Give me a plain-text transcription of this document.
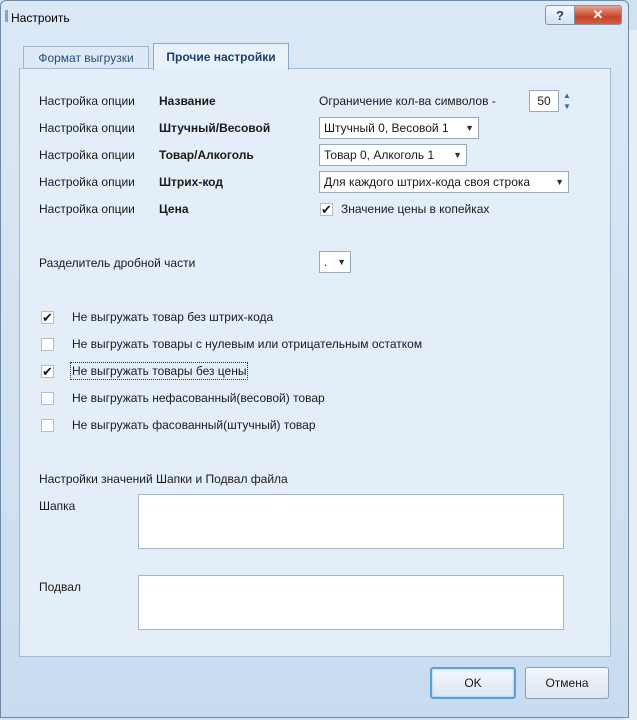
Настроить	?	✕
Формат выгрузки	Прочие настройки
Настройка опции Название	Ограничение кол-ва символов -	50	▲
▼
Настройка опции Штучный/Весовой	Штучный 0, Весовой 1 ▼
Настройка опции Товар/Алкоголь	Товар 0, Алкоголь 1 ▼
Настройка опции Штрих-код	Для каждого штрих-кода своя строка	▼
Настройка опции Цена	✔ Значение цены в копейках
Разделитель дробной части	. ▼
✔ Не выгружать товар без штрих-кода
Не выгружать товары с нулевым или отрицательным остатком
✔ Не выгружать товары без цены
Не выгружать нефасованный(весовой) товар
Не выгружать фасованный(штучный) товар
Настройки значений Шапки и Подвал файла
Шапка
Подвал
OK	Отмена
